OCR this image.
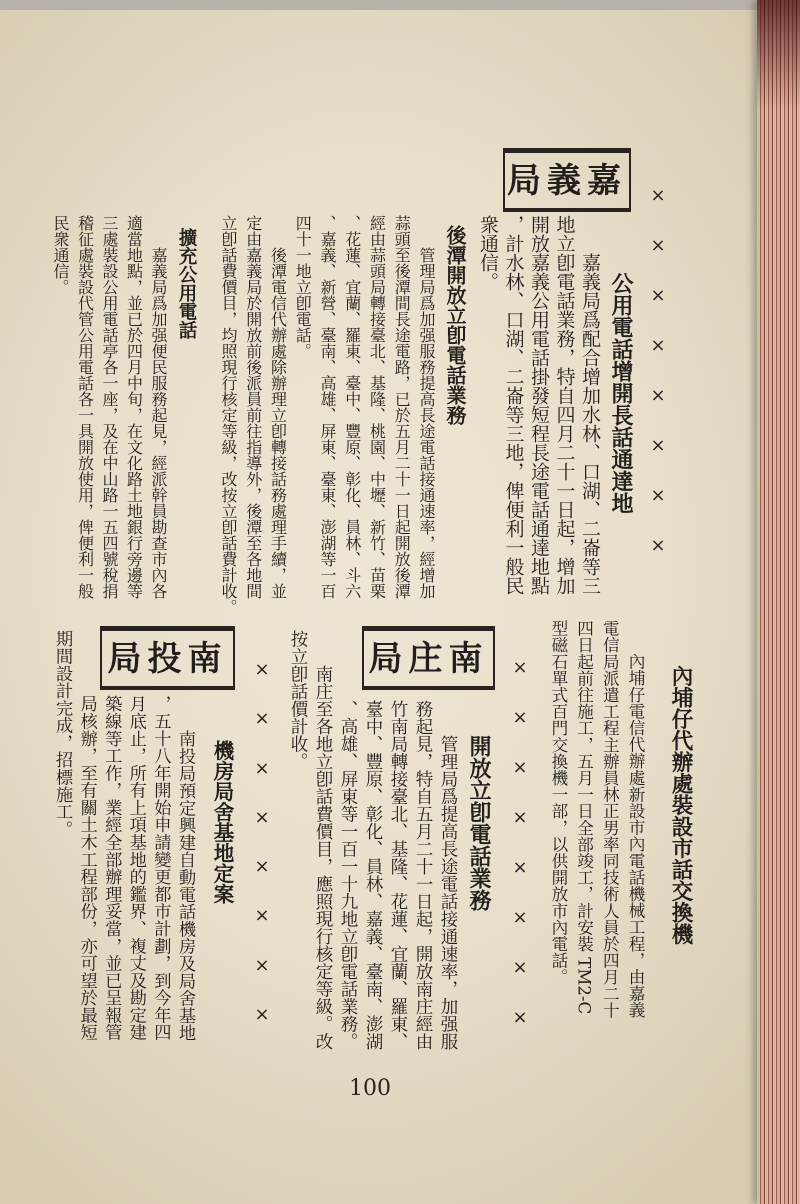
嘉義局 ××××××××
公用電話增開長話通達地
嘉義局爲配合增加水林、口湖、二崙等三
地立卽電話業務，特自四月二十一日起，增加
開放嘉義公用電話掛發短程長途電話通達地點
，計水林、口湖、二崙等三地，俾便利一般民
衆通信。
後潭開放立卽電話業務
管理局爲加强服務提高長途電話接通速率，經增加
蒜頭至後潭間長途電路，已於五月二十一日起開放後潭
經由蒜頭局轉接臺北、基隆、桃園、中壢、新竹、苗栗
、花蓮、宜蘭、羅東、臺中、豐原、彰化、員林、斗六
、嘉義、新營、臺南、高雄、屏東、臺東、澎湖等一百
四十一地立卽電話。
後潭電信代辦處除辦理立卽轉接話務處理手續，並
定由嘉義局於開放前後派員前往指導外，後潭至各地間
立卽話費價目，均照現行核定等級，改按立卽話費計收。
擴充公用電話
嘉義局爲加强便民服務起見，經派幹員勘查市內各
適當地點，並已於四月中旬，在文化路土地銀行旁邊等
三處裝設公用電話亭各一座，及在中山路一五四號稅捐
稽征處裝設代管公用電話各一具開放使用，俾便利一般
民衆通信。
內埔仔代辦處裝設市話交換機
內埔仔電信代辦處新設市內電話機械工程，由嘉義
電信局派遣工程主辦員林正男率同技術人員於四月二十
四日起前往施工，五月一日全部竣工，計安裝 TM2-C
型磁石單式百門交換機一部，以供開放市內電話。
××××××××
南庄局
開放立卽電話業務
管理局爲提高長途電話接通速率，加强服
務起見，特自五月二十一日起，開放南庄經由
竹南局轉接臺北、基隆、花蓮、宜蘭、羅東、
臺中、豐原、彰化、員林、嘉義、臺南、澎湖
、高雄、屏東等一百一十九地立卽電話業務。
南庄至各地立卽話費價目，應照現行核定等級。改
按立卽話價計收。
××××××××
南投局
機房局舍基地定案
南投局預定興建自動電話機房及局舍基地
，五十八年開始申請變更都市計劃，到今年四
月底止，所有上項基地的鑑界、複丈及勘定建
築線等工作，業經全部辦理妥當，並已呈報管
局核辦，至有關土木工程部份，亦可望於最短
期間設計完成，招標施工。
100
